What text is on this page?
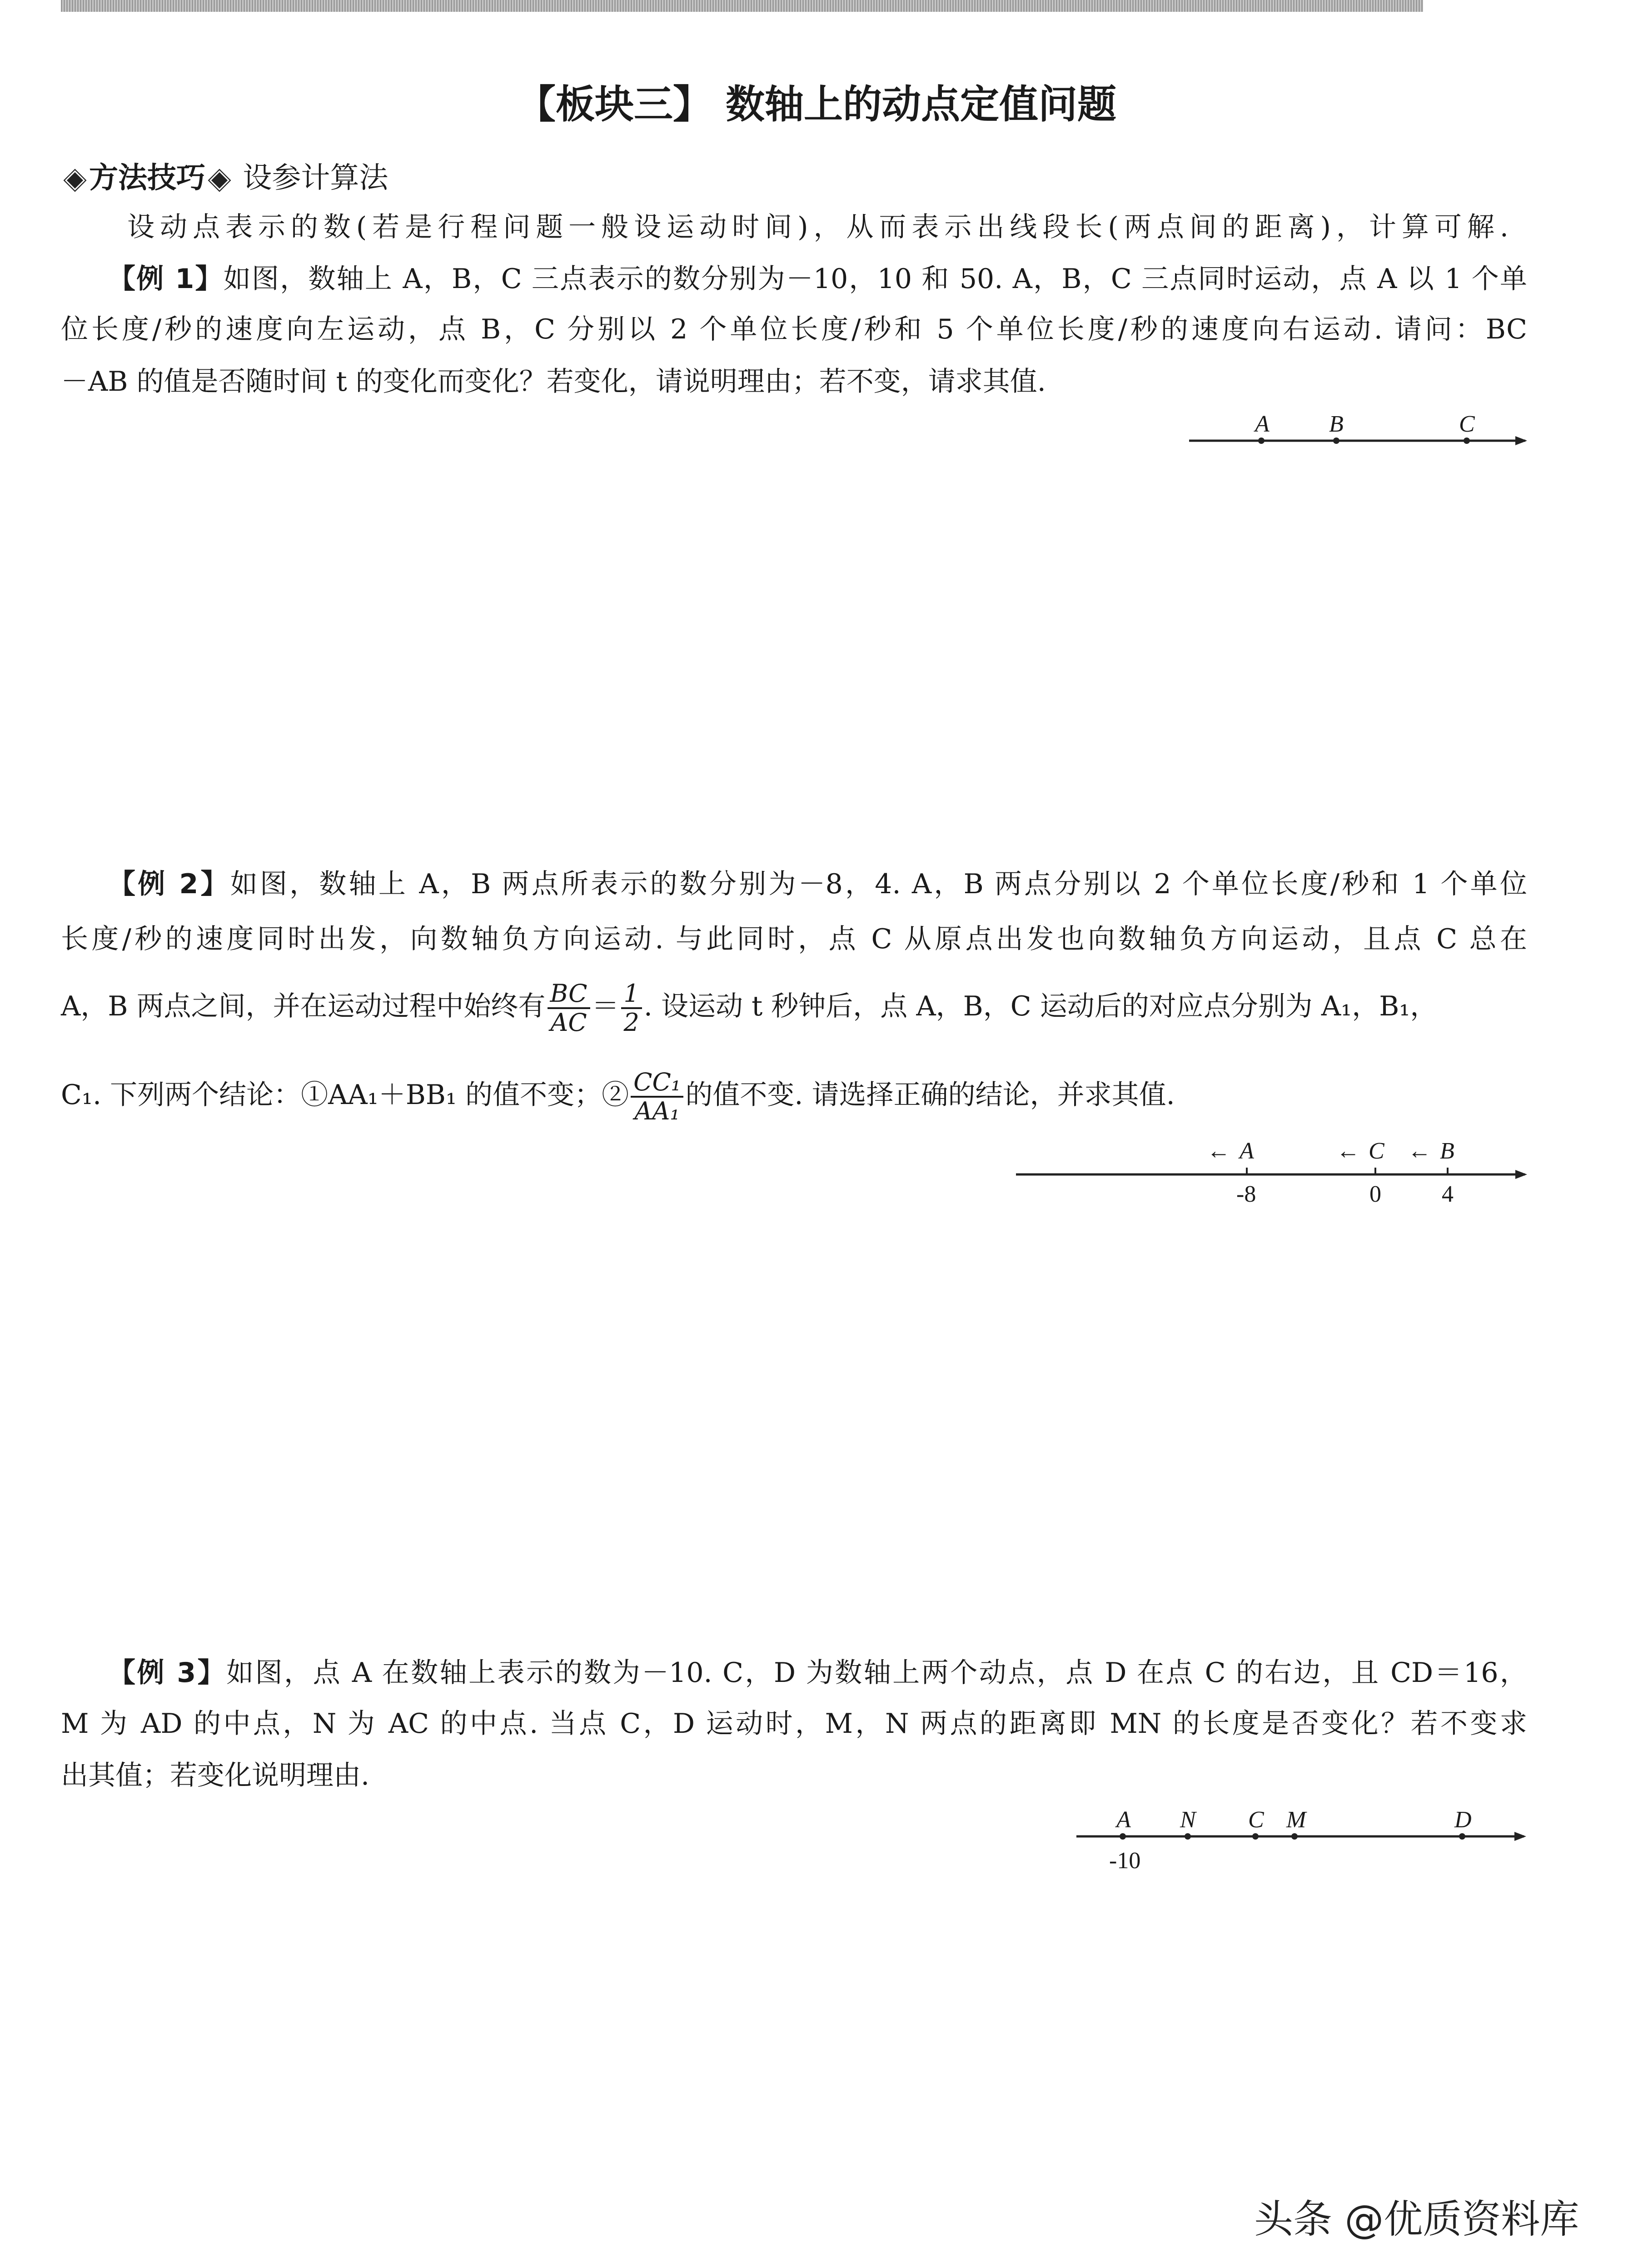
【板块三】 数轴上的动点定值问题
方法技巧 设参计算法
设动点表示的数(若是行程问题一般设运动时间)，从而表示出线段长(两点间的距离)，计算可解.
【例 1】如图，数轴上 A，B，C 三点表示的数分别为－10，10 和 50. A，B，C 三点同时运动，点 A 以 1 个单
位长度/秒的速度向左运动，点 B，C 分别以 2 个单位长度/秒和 5 个单位长度/秒的速度向右运动. 请问：BC
－AB 的值是否随时间 t 的变化而变化？若变化，请说明理由；若不变，请求其值.
A	B	C
【例 2】如图，数轴上 A，B 两点所表示的数分别为－8，4. A，B 两点分别以 2 个单位长度/秒和 1 个单位
长度/秒的速度同时出发，向数轴负方向运动. 与此同时，点 C 从原点出发也向数轴负方向运动，且点 C 总在
A，B 两点之间，并在运动过程中始终有 $\frac{BC}{AC} = \frac{1}{2}$ . 设运动 t 秒钟后，点 A，B，C 运动后的对应点分别为 A₁，B₁，
C₁. 下列两个结论：①AA₁＋BB₁ 的值不变；② $\frac{\text{CC₁}}{\text{AA₁}}$ 的值不变. 请选择正确的结论，并求其值.
← A	← C ← B
-8	0	4
【例 3】如图，点 A 在数轴上表示的数为－10. C，D 为数轴上两个动点，点 D 在点 C 的右边，且 CD＝16，
M 为 AD 的中点，N 为 AC 的中点. 当点 C，D 运动时，M，N 两点的距离即 MN 的长度是否变化？若不变求
出其值；若变化说明理由.
A N C M	D
-10
头条 @优质资料库
